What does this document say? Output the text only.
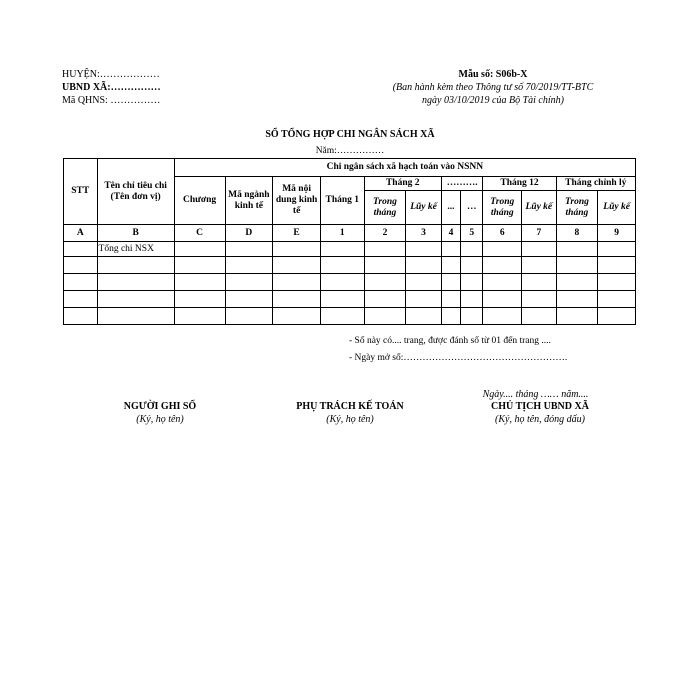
HUYỆN:………………
UBND XÃ:……………
Mã QHNS: ……………
Mẫu số: S06b-X
(Ban hành kèm theo Thông tư số 70/2019/TT-BTC
ngày 03/10/2019 của Bộ Tài chính)
SỔ TỔNG HỢP CHI NGÂN SÁCH XÃ
Năm:……………
STT	Tên chỉ tiêu chi (Tên đơn vị)	Chi ngân sách xã hạch toán vào NSNN											
		Chương	Mã ngành kinh tế	Mã nội dung kinh tế	Tháng 1	Tháng 2		……….		Tháng 12		Tháng chỉnh lý	
						Trong tháng	Lũy kế	...	…	Trong tháng	Lũy kế	Trong tháng	Lũy kế
A	B	C	D	E	1	2	3	4	5	6	7	8	9
	Tổng chi NSX												

- Sổ này có.... trang, được đánh số từ 01 đến trang ....
- Ngày mở sổ:…………………………………………….
Ngày.... tháng …… năm....
NGƯỜI GHI SỔ
(Ký, họ tên)
PHỤ TRÁCH KẾ TOÁN
(Ký, họ tên)
CHỦ TỊCH UBND XÃ
(Ký, họ tên, đóng dấu)
